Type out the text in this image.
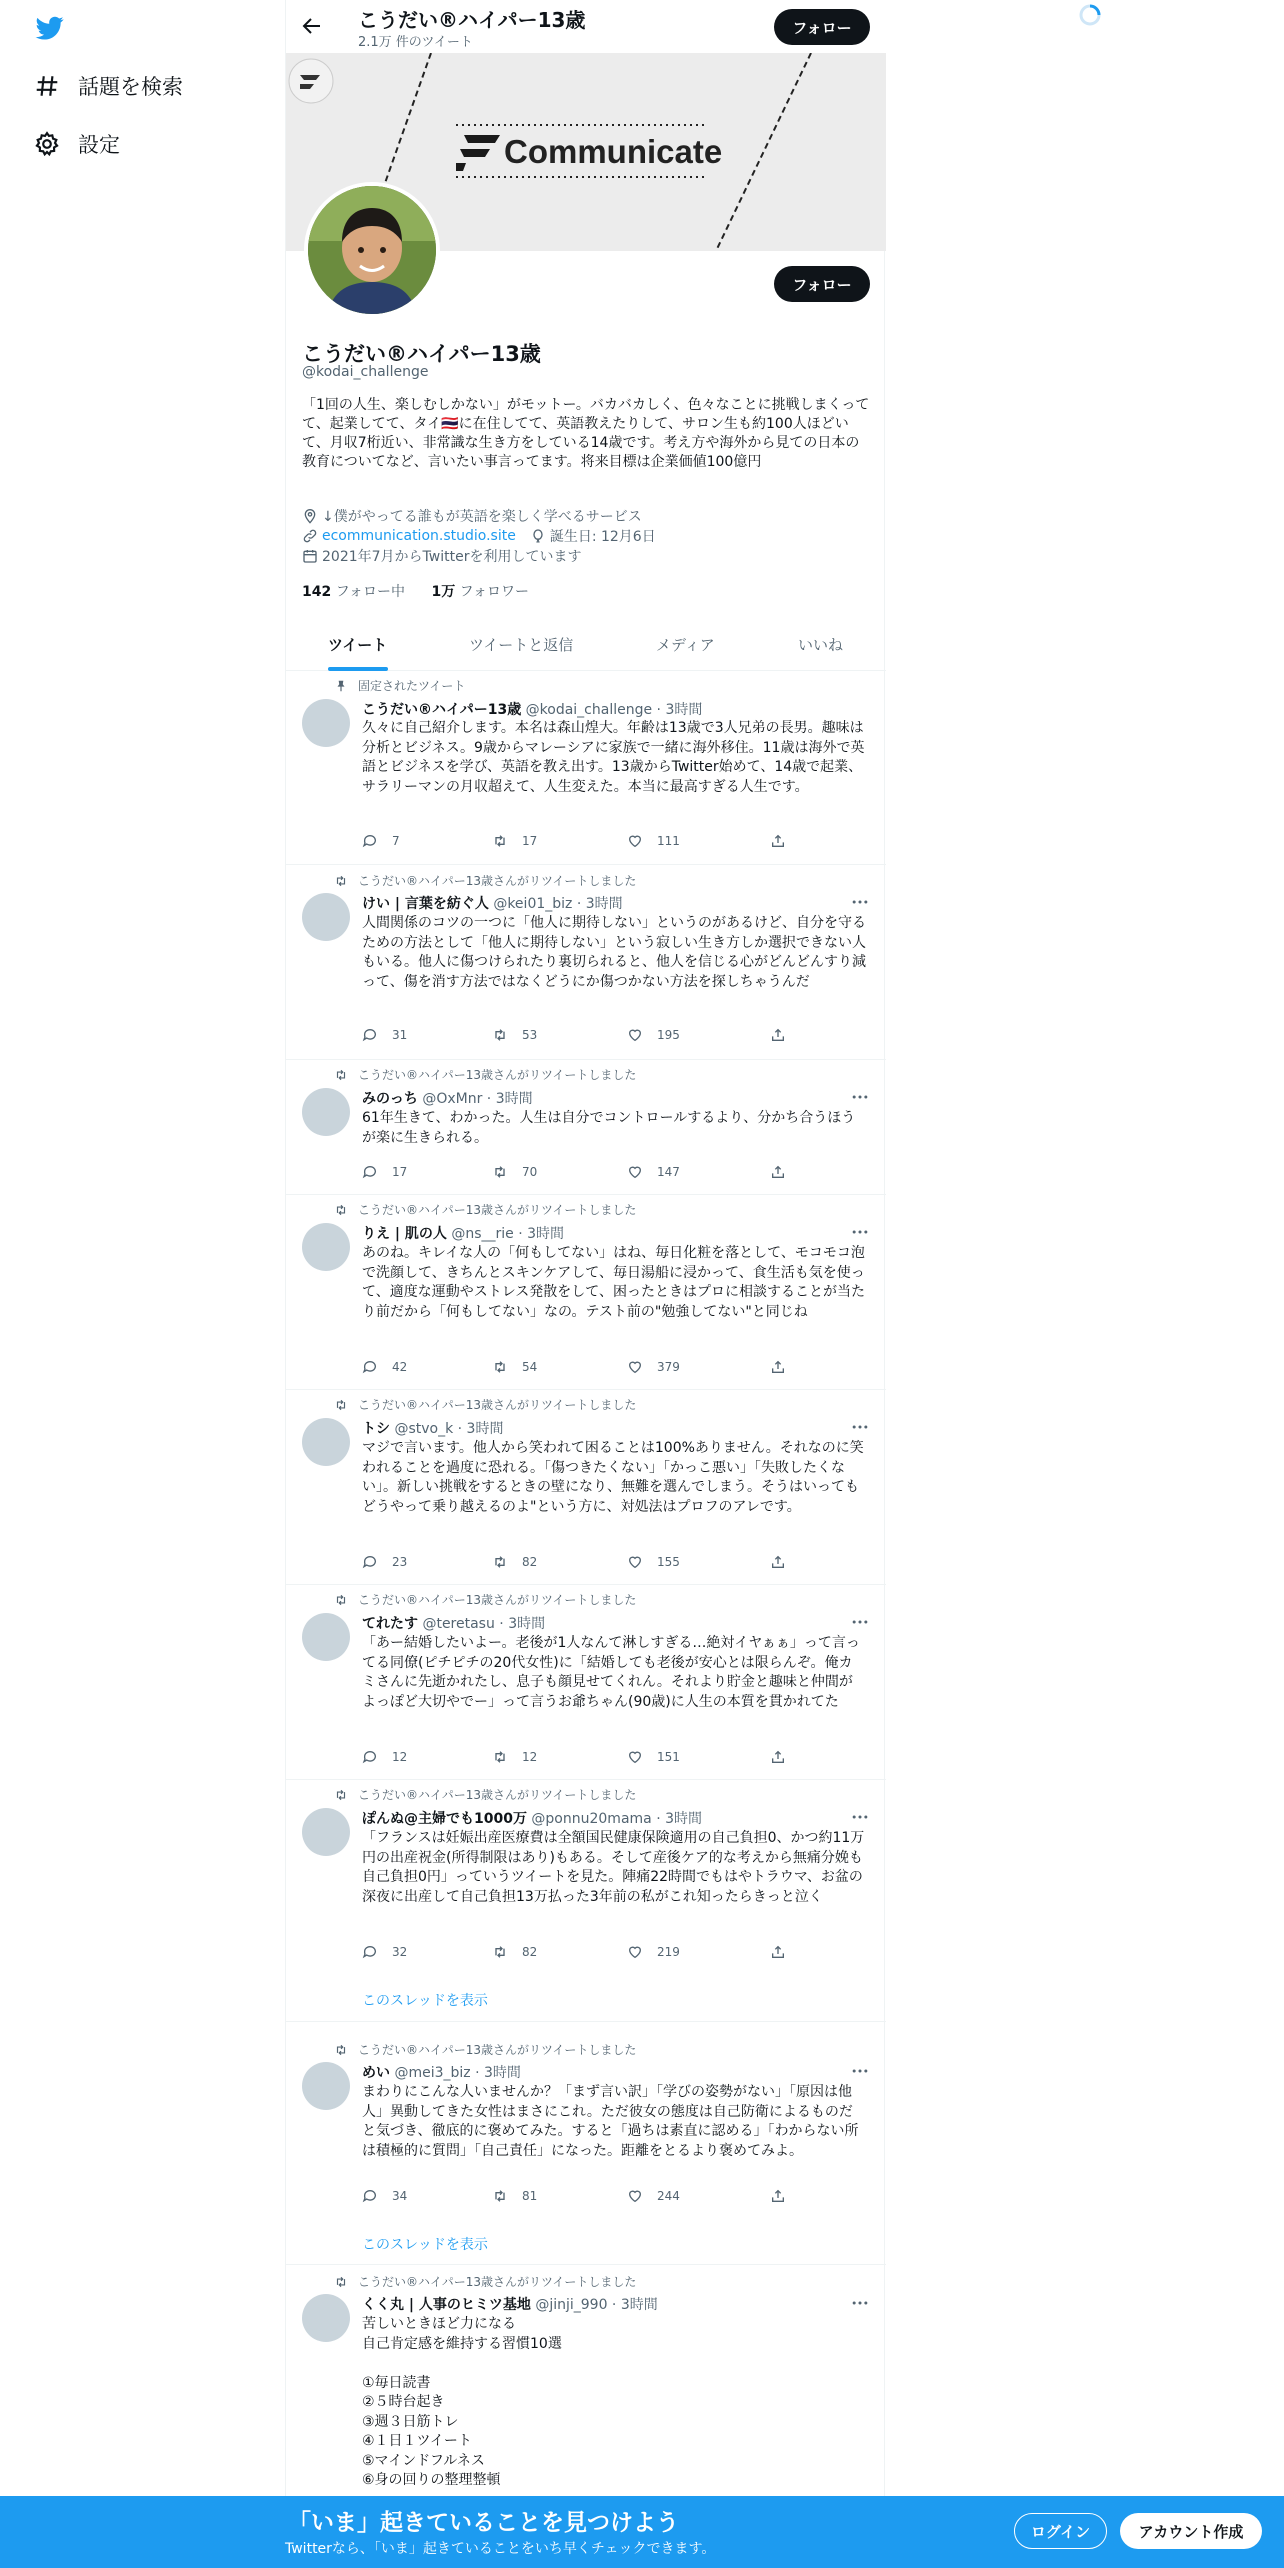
話題を検索
設定
こうだい®ハイパー13歳
2.1万 件のツイート
フォロー
Communicate
フォロー
こうだい®ハイパー13歳
@kodai_challenge
「1回の人生、楽しむしかない」がモットー。バカバカしく、色々なことに挑戦しまくってて、起業してて、タイ🇹🇭に在住してて、英語教えたりして、サロン生も約100人ほどいて、月収7桁近い、非常識な生き方をしている14歳です。考え方や海外から見ての日本の教育についてなど、言いたい事言ってます。将来目標は企業価値100億円
↓僕がやってる誰もが英語を楽しく学べるサービス
ecommunication.studio.site 誕生日: 12月6日
2021年7月からTwitterを利用しています
142 フォロー中 1万 フォロワー
ツイート	ツイートと返信	メディア	いいね
固定されたツイート
こうだい®ハイパー13歳 @kodai_challenge · 3時間
久々に自己紹介します。本名は森山煌大。年齢は13歳で3人兄弟の長男。趣味は分析とビジネス。9歳からマレーシアに家族で一緒に海外移住。11歳は海外で英語とビジネスを学び、英語を教え出す。13歳からTwitter始めて、14歳で起業、サラリーマンの月収超えて、人生変えた。本当に最高すぎる人生です。
7	17	111
こうだい®ハイパー13歳さんがリツイートしました
けい | 言葉を紡ぐ人 @kei01_biz · 3時間
人間関係のコツの一つに「他人に期待しない」というのがあるけど、自分を守るための方法として「他人に期待しない」という寂しい生き方しか選択できない人もいる。他人に傷つけられたり裏切られると、他人を信じる心がどんどんすり減って、傷を消す方法ではなくどうにか傷つかない方法を探しちゃうんだ
31	53	195
こうだい®ハイパー13歳さんがリツイートしました
みのっち @OxMnr · 3時間
61年生きて、わかった。人生は自分でコントロールするより、分かち合うほうが楽に生きられる。
17	70	147
こうだい®ハイパー13歳さんがリツイートしました
りえ | 肌の人 @ns__rie · 3時間
あのね。キレイな人の「何もしてない」はね、毎日化粧を落として、モコモコ泡で洗顔して、きちんとスキンケアして、毎日湯船に浸かって、食生活も気を使って、適度な運動やストレス発散をして、困ったときはプロに相談することが当たり前だから「何もしてない」なの。テスト前の"勉強してない"と同じね
42	54	379
こうだい®ハイパー13歳さんがリツイートしました
トシ @stvo_k · 3時間
マジで言います。他人から笑われて困ることは100%ありません。それなのに笑われることを過度に恐れる。「傷つきたくない」「かっこ悪い」「失敗したくない」。新しい挑戦をするときの壁になり、無難を選んでしまう。そうはいってもどうやって乗り越えるのよ"という方に、対処法はプロフのアレです。
23	82	155
こうだい®ハイパー13歳さんがリツイートしました
てれたす @teretasu · 3時間
「あー結婚したいよー。老後が1人なんて淋しすぎる…絶対イヤぁぁ」って言ってる同僚(ピチピチの20代女性)に「結婚しても老後が安心とは限らんぞ。俺カミさんに先逝かれたし、息子も顔見せてくれん。それより貯金と趣味と仲間がよっぽど大切やでー」って言うお爺ちゃん(90歳)に人生の本質を貫かれてた
12	12	151
こうだい®ハイパー13歳さんがリツイートしました
ぽんぬ@主婦でも1000万 @ponnu20mama · 3時間
「フランスは妊娠出産医療費は全額国民健康保険適用の自己負担0、かつ約11万円の出産祝金(所得制限はあり)もある。そして産後ケア的な考えから無痛分娩も自己負担0円」っていうツイートを見た。陣痛22時間でもはやトラウマ、お盆の深夜に出産して自己負担13万払った3年前の私がこれ知ったらきっと泣く
32	82	219
このスレッドを表示
こうだい®ハイパー13歳さんがリツイートしました
めい @mei3_biz · 3時間
まわりにこんな人いませんか？「まず言い訳」「学びの姿勢がない」「原因は他人」異動してきた女性はまさにこれ。ただ彼女の態度は自己防衛によるものだと気づき、徹底的に褒めてみた。すると「過ちは素直に認める」「わからない所は積極的に質問」「自己責任」になった。距離をとるより褒めてみよ。
34	81	244
このスレッドを表示
こうだい®ハイパー13歳さんがリツイートしました
くく丸 | 人事のヒミツ基地 @jinji_990 · 3時間
苦しいときほど力になる
自己肯定感を維持する習慣10選

①毎日読書
②５時台起き
③週３日筋トレ
④１日１ツイート
⑤マインドフルネス
⑥身の回りの整理整頓
「いま」起きていることを見つけよう
Twitterなら、「いま」起きていることをいち早くチェックできます。
ログイン	アカウント作成
